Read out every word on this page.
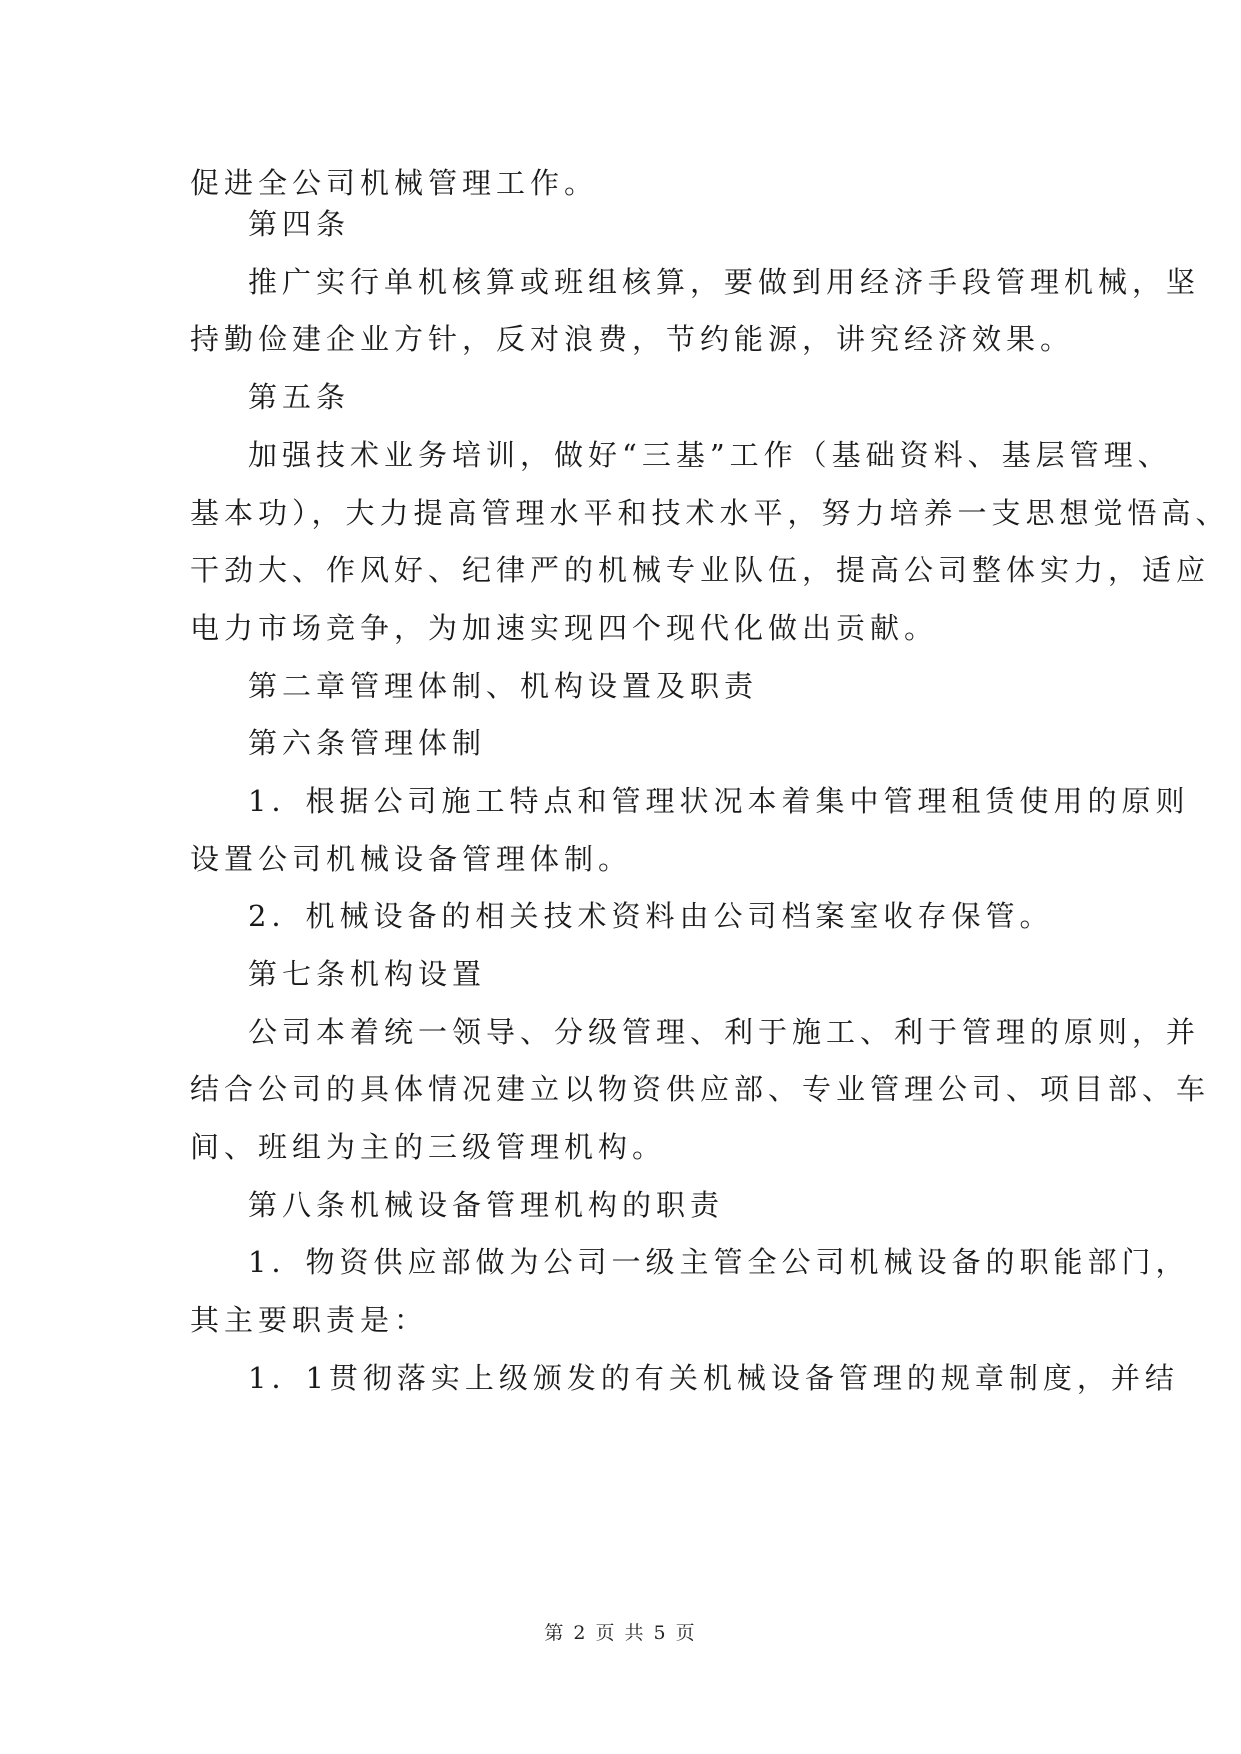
促进全公司机械管理工作。
第四条
推广实行单机核算或班组核算，要做到用经济手段管理机械，坚
持勤俭建企业方针，反对浪费，节约能源，讲究经济效果。
第五条
加强技术业务培训，做好“三基”工作（基础资料、基层管理、
基本功），大力提高管理水平和技术水平，努力培养一支思想觉悟高、
干劲大、作风好、纪律严的机械专业队伍，提高公司整体实力，适应
电力市场竞争，为加速实现四个现代化做出贡献。
第二章管理体制、机构设置及职责
第六条管理体制
1．根据公司施工特点和管理状况本着集中管理租赁使用的原则
设置公司机械设备管理体制。
2．机械设备的相关技术资料由公司档案室收存保管。
第七条机构设置
公司本着统一领导、分级管理、利于施工、利于管理的原则，并
结合公司的具体情况建立以物资供应部、专业管理公司、项目部、车
间、班组为主的三级管理机构。
第八条机械设备管理机构的职责
1．物资供应部做为公司一级主管全公司机械设备的职能部门，
其主要职责是：
1．1贯彻落实上级颁发的有关机械设备管理的规章制度，并结
第 2 页 共 5 页
